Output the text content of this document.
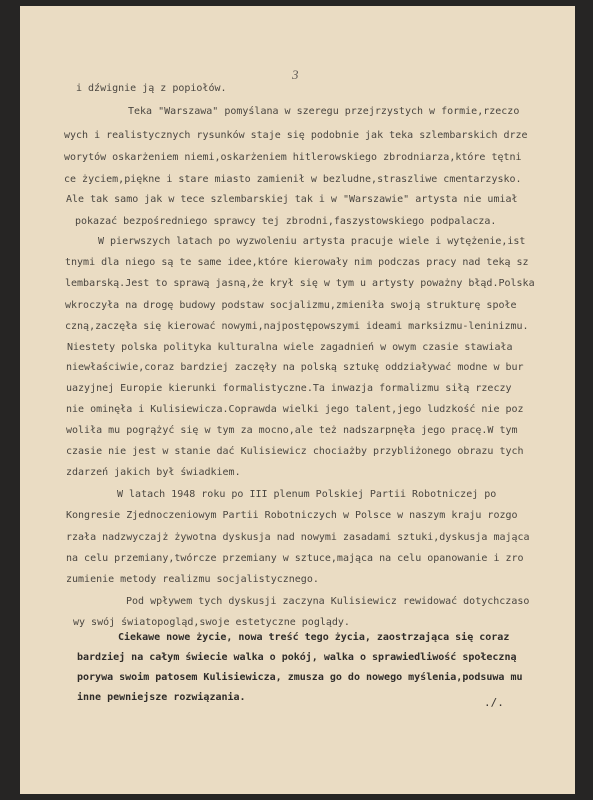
3
i dźwignie ją z popiołów.
Teka "Warszawa" pomyślana w szeregu przejrzystych w formie,rzeczo
wych i realistycznych rysunków staje się podobnie jak teka szlembarskich drze
worytów oskarżeniem niemi,oskarżeniem hitlerowskiego zbrodniarza,które tętni
ce życiem,piękne i stare miasto zamienił w bezludne,straszliwe cmentarzysko.
Ale tak samo jak w tece szlembarskiej tak i w "Warszawie" artysta nie umiał
pokazać bezpośredniego sprawcy tej zbrodni,faszystowskiego podpalacza.
W pierwszych latach po wyzwoleniu artysta pracuje wiele i wytężenie,ist
tnymi dla niego są te same idee,które kierowały nim podczas pracy nad teką sz
lembarską.Jest to sprawą jasną,że krył się w tym u artysty poważny błąd.Polska
wkroczyła na drogę budowy podstaw socjalizmu,zmieniła swoją strukturę społe
czną,zaczęła się kierować nowymi,najpostępowszymi ideami marksizmu-leninizmu.
Niestety polska polityka kulturalna wiele zagadnień w owym czasie stawiała
niewłaściwie,coraz bardziej zaczęły na polską sztukę oddziaływać modne w bur
uazyjnej Europie kierunki formalistyczne.Ta inwazja formalizmu siłą rzeczy
nie ominęła i Kulisiewicza.Coprawda wielki jego talent,jego ludzkość nie poz
woliła mu pogrążyć się w tym za mocno,ale też nadszarpnęła jego pracę.W tym
czasie nie jest w stanie dać Kulisiewicz chociażby przybliżonego obrazu tych
zdarzeń jakich był świadkiem.
W latach 1948 roku po III plenum Polskiej Partii Robotniczej po
Kongresie Zjednoczeniowym Partii Robotniczych w Polsce w naszym kraju rozgo
rzała nadzwyczajż żywotna dyskusja nad nowymi zasadami sztuki,dyskusja mająca
na celu przemiany,twórcze przemiany w sztuce,mająca na celu opanowanie i zro
zumienie metody realizmu socjalistycznego.
Pod wpływem tych dyskusji zaczyna Kulisiewicz rewidować dotychczaso
wy swój światopogląd,swoje estetyczne poglądy.
Ciekawe nowe życie, nowa treść tego życia, zaostrzająca się coraz
bardziej na całym świecie walka o pokój, walka o sprawiedliwość społeczną
porywa swoim patosem Kulisiewicza, zmusza go do nowego myślenia,podsuwa mu
inne pewniejsze rozwiązania.	./.
